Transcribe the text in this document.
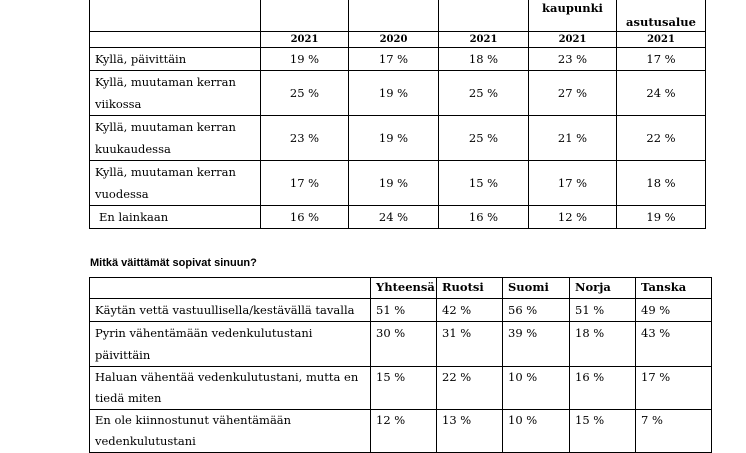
				kaupunki	asutusalue

	2021	2020	2021	2021	2021
Kyllä, päivittäin	19 %	17 %	18 %	23 %	17 %
Kyllä, muutaman kerran viikossa	25 %	19 %	25 %	27 %	24 %
Kyllä, muutaman kerran kuukaudessa	23 %	19 %	25 %	21 %	22 %
Kyllä, muutaman kerran vuodessa	17 %	19 %	15 %	17 %	18 %
En lainkaan	16 %	24 %	16 %	12 %	19 %

Mitkä väittämät sopivat sinuun?

	Yhteensä	Ruotsi	Suomi	Norja	Tanska
Käytän vettä vastuullisella/kestävällä tavalla	51 %	42 %	56 %	51 %	49 %
Pyrin vähentämään vedenkulutustani päivittäin	30 %	31 %	39 %	18 %	43 %
Haluan vähentää vedenkulutustani, mutta en tiedä miten	15 %	22 %	10 %	16 %	17 %
En ole kiinnostunut vähentämään vedenkulutustani	12 %	13 %	10 %	15 %	7 %
